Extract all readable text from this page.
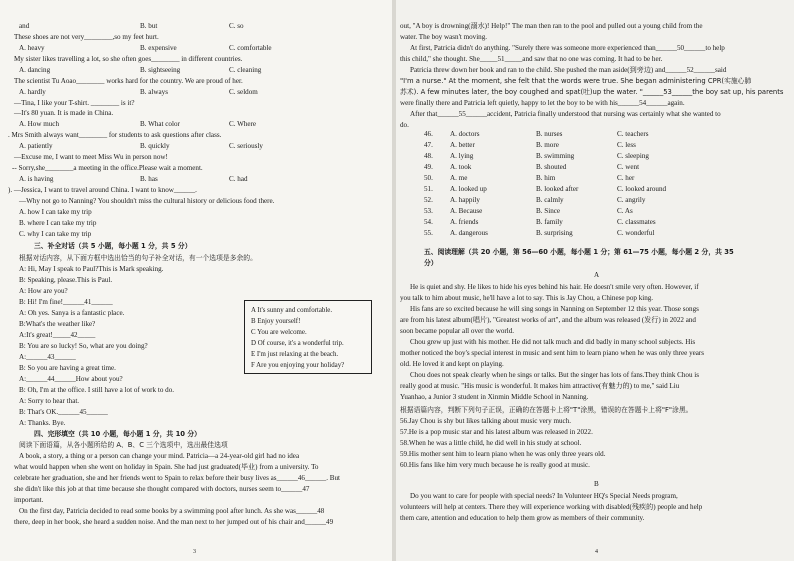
and	B. but	C. so
These shoes are not very________,so my feet hurt.
A. heavy	B. expensive	C. comfortable
My sister likes travelling a lot, so she often goes________ in different countries.
A. dancing	B. sightseeing	C. cleaning
The scientist Tu Aoao________ works hard for the country. We are proud of her.
A. hardly	B. always	C. seldom
—Tina, I like your T-shirt. ________ is it?
—It's 80 yuan. It is made in China.
A. How much	B. What color	C. Where
. Mrs Smith always want________ for students to ask questions after class.
A. patiently	B. quickly	C. seriously
—Excuse me, I want to meet Miss Wu in person now!
-- Sorry,she________a meeting in the office.Please wait a moment.
A. is having	B. has	C. had
). —Jessica, I want to travel around China. I want to know______.
—Why not go to Nanning? You shouldn't miss the cultural history or delicious food there.
A. how I can take my trip
B. where I can take my trip
C. why I can take my trip
根据对话内容，从下面方框中选出恰当的句子补全对话，有一个选项是多余的。
A: Hi, May I speak to Paul?This is Mark speaking.
B: Speaking, please.This is Paul.
A: How are you?
B: Hi! I'm fine!______41______
A: Oh yes. Sanya is a fantastic place.
B:What's the weather like?
A:It's great!_____42_____
B: You are so lucky! So, what are you doing?
A:______43______
B: So you are having a great time.
A:______44______How about you?
B: Oh, I'm at the office. I still have a lot of work to do.
A: Sorry to hear that.
B: That's OK.______45______
A: Thanks. Bye.
阅读下面语篇，从各小题所给的 A、B、C 三个选项中，选出最佳选项
A book, a story, a thing or a person can change your mind. Patricia—a 24-year-old girl had no idea
what would happen when she went on holiday in Spain. She had just graduated(毕业) from a university. To
celebrate her graduation, she and her friends went to Spain to relax before their busy lives as______46______. But
she didn't like this job at that time because she thought compared with doctors, nurses seem to______47
important.
On the first day, Patricia decided to read some books by a swimming pool after lunch. As she was______48
there, deep in her book, she heard a sudden noise. And the man next to her jumped out of his chair and______49
三、补全对话（共 5 小题，每小题 1 分，共 5 分）
四、完形填空（共 10 小题，每小题 1 分，共 10 分）
A It's sunny and comfortable.
B Enjoy yourself!
C You are welcome.
D Of course, it's a wonderful trip.
E I'm just relaxing at the beach.
F Are you enjoying your holiday?
3
out, "A boy is drowning(溺水)! Help!" The man then ran to the pool and pulled out a young child from the
water. The boy wasn't moving.
At first, Patricia didn't do anything. "Surely there was someone more experienced than______50______to help
this child," she thought. She_____51_____and saw that no one was coming. It had to be her.
Patricia threw down her book and ran to the child. She pushed the man aside(到旁边) and______52______said
"I'm a nurse." At the moment, she felt that the words were true. She began administering CPR(实施心肺
苏术). A few minutes later, the boy coughed and spat(吐)up the water. "______53______the boy sat up, his parents
were finally there and Patricia left quietly, happy to let the boy to be with his______54______again.
After that______55______accident, Patricia finally understood that nursing was certainly what she wanted to
do.
46. A. doctors	B. nurses	C. teachers
47. A. better	B. more	C. less
48. A. lying	B. swimming	C. sleeping
49. A. took	B. shouted	C. went
50. A. me	B. him	C. her
51. A. looked up	B. looked after	C. looked around
52. A. happily	B. calmly	C. angrily
53. A. Because	B. Since	C. As
54. A. friends	B. family	C. classmates
55. A. dangerous	B. surprising	C. wonderful
五、阅读理解（共 20 小题，第 56—60 小题，每小题 1 分；第 61—75 小题，每小题 2 分，共 35
分）
A
He is quiet and shy. He likes to hide his eyes behind his hair. He doesn't smile very often. However, if
you talk to him about music, he'll have a lot to say. This is Jay Chou, a Chinese pop king.
His fans are so excited because he will sing songs in Nanning on September 12 this year. Those songs
are from his latest album(唱片), "Greatest works of art", and the album was released (发行) in 2022 and
soon became popular all over the world.
Chou grew up just with his mother. He did not talk much and did badly in many school subjects. His
mother noticed the boy's special interest in music and sent him to learn piano when he was only three years
old. He loved it and kept on playing.
Chou does not speak clearly when he sings or talks. But the singer has lots of fans.They think Chou is
really good at music. "His music is wonderful. It makes him attractive(有魅力的) to me," said Liu
Yuanhao, a Junior 3 student in Xinmin Middle School in Nanning.
根据语篇内容，判断下列句子正误，正确的在答题卡上将"T"涂黑，错误的在答题卡上将"F"涂黑。
56.Jay Chou is shy but likes talking about music very much.
57.He is a pop music star and his latest album was released in 2022.
58.When he was a little child, he did well in his study at school.
59.His mother sent him to learn piano when he was only three years old.
60.His fans like him very much because he is really good at music.
B
Do you want to care for people with special needs? In Volunteer HQ's Special Needs program,
volunteers will help at centers. There they will experience working with disabled(残疾的) people and help
them care, attention and education to help them grow as members of their community.
4
